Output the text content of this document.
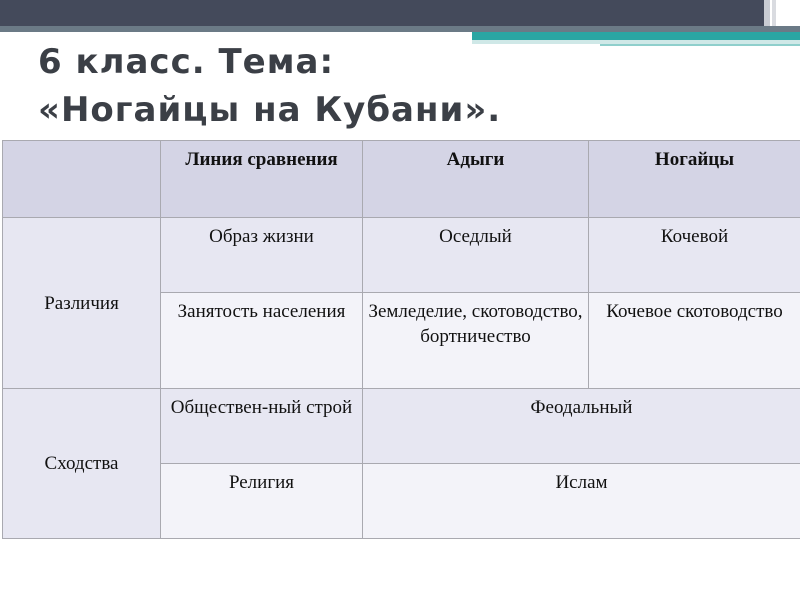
6 класс. Тема:
«Ногайцы на Кубани».
	Линия сравнения	Адыги	Ногайцы
Различия	Образ жизни	Оседлый	Кочевой
	Занятость населения	Земледелие, скотоводство, бортничество	Кочевое скотоводство
Сходства	Обществен-ный строй	Феодальный	
	Религия	Ислам	
